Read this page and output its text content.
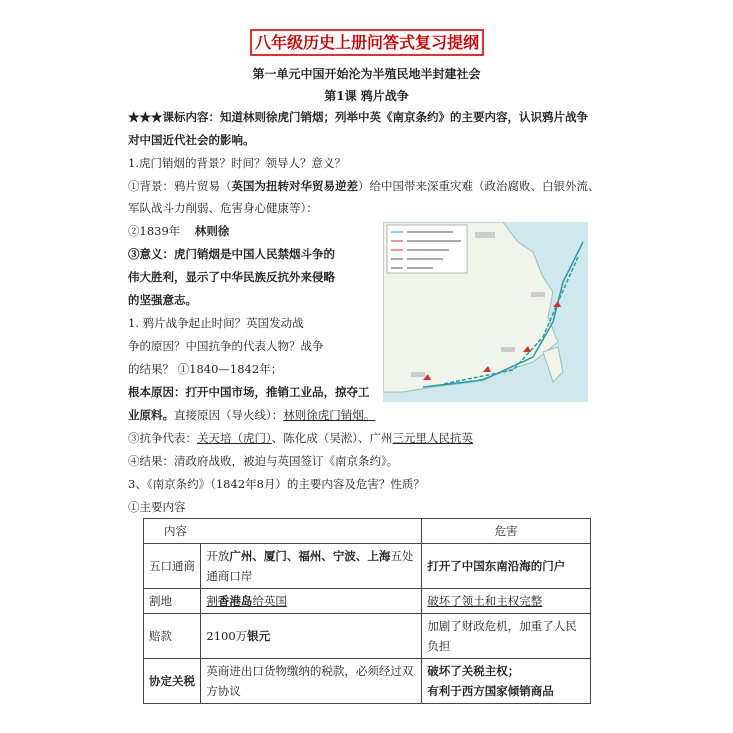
八年级历史上册问答式复习提纲
第一单元中国开始沦为半殖民地半封建社会
第1课 鸦片战争
★★★课标内容：知道林则徐虎门销烟；列举中英《南京条约》的主要内容，认识鸦片战争
对中国近代社会的影响。
1.虎门销烟的背景？时间？领导人？意义？
①背景：鸦片贸易（英国为扭转对华贸易逆差）给中国带来深重灾难（政治腐败、白银外流、
军队战斗力削弱、危害身心健康等）：
②1839年 林则徐
③意义：虎门销烟是中国人民禁烟斗争的
伟大胜利，显示了中华民族反抗外来侵略
的坚强意志。
1. 鸦片战争起止时间？英国发动战
争的原因？中国抗争的代表人物？战争
的结果？ ①1840—1842年；
根本原因：打开中国市场，推销工业品，掠夺工
业原料。直接原因（导火线）：林则徐虎门销烟。
③抗争代表：关天培（虎门）、陈化成（吴淞）、广州三元里人民抗英
④结果：清政府战败，被迫与英国签订《南京条约》。
3、《南京条约》（1842年8月）的主要内容及危害？性质？
①主要内容
内容		危害
五口通商	开放广州、厦门、福州、宁波、上海五处通商口岸	打开了中国东南沿海的门户
割地	割香港岛给英国	破坏了领土和主权完整
赔款	2100万银元	加剧了财政危机，加重了人民负担
协定关税	英商进出口货物缴纳的税款，必须经过双方协议	破坏了关税主权；
有利于西方国家倾销商品
